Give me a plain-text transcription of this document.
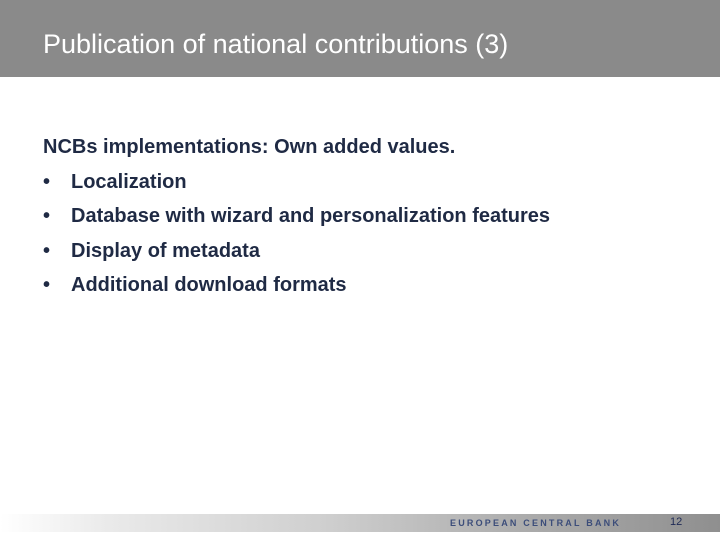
Publication of national contributions (3)

NCBs implementations: Own added values.

•	Localization
•	Database with wizard and personalization features
•	Display of metadata
•	Additional download formats
EUROPEAN CENTRAL BANK	12
